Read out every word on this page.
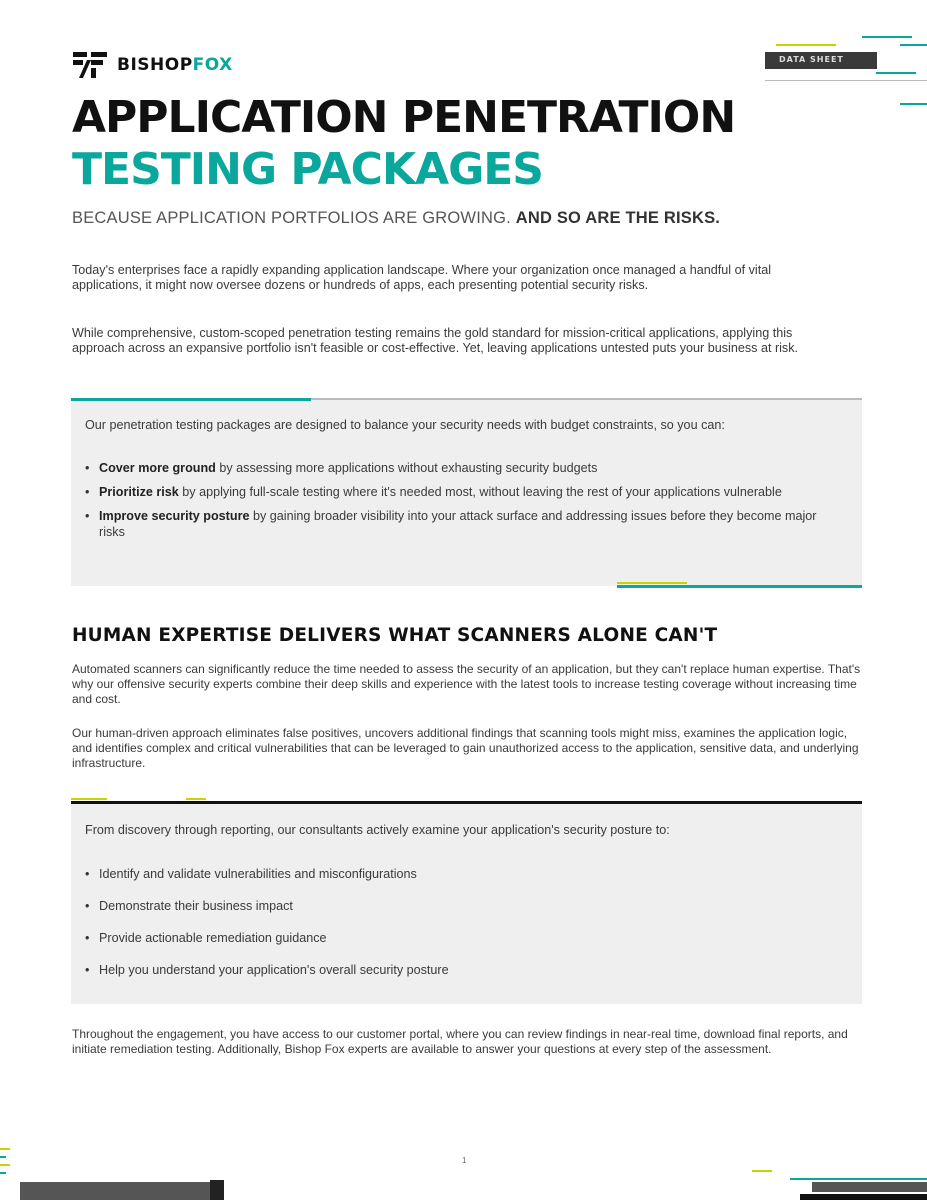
BISHOPFOX	DATA SHEET
APPLICATION PENETRATION
TESTING PACKAGES
BECAUSE APPLICATION PORTFOLIOS ARE GROWING. AND SO ARE THE RISKS.
Today's enterprises face a rapidly expanding application landscape. Where your organization once managed a handful of vital applications, it might now oversee dozens or hundreds of apps, each presenting potential security risks.
While comprehensive, custom-scoped penetration testing remains the gold standard for mission-critical applications, applying this approach across an expansive portfolio isn't feasible or cost-effective. Yet, leaving applications untested puts your business at risk.
Our penetration testing packages are designed to balance your security needs with budget constraints, so you can:
• Cover more ground by assessing more applications without exhausting security budgets
• Prioritize risk by applying full-scale testing where it's needed most, without leaving the rest of your applications vulnerable
• Improve security posture by gaining broader visibility into your attack surface and addressing issues before they become major risks
HUMAN EXPERTISE DELIVERS WHAT SCANNERS ALONE CAN'T
Automated scanners can significantly reduce the time needed to assess the security of an application, but they can't replace human expertise. That's why our offensive security experts combine their deep skills and experience with the latest tools to increase testing coverage without increasing time and cost.
Our human-driven approach eliminates false positives, uncovers additional findings that scanning tools might miss, examines the application logic, and identifies complex and critical vulnerabilities that can be leveraged to gain unauthorized access to the application, sensitive data, and underlying infrastructure.
From discovery through reporting, our consultants actively examine your application's security posture to:
• Identify and validate vulnerabilities and misconfigurations
• Demonstrate their business impact
• Provide actionable remediation guidance
• Help you understand your application's overall security posture
Throughout the engagement, you have access to our customer portal, where you can review findings in near-real time, download final reports, and initiate remediation testing. Additionally, Bishop Fox experts are available to answer your questions at every step of the assessment.
1
